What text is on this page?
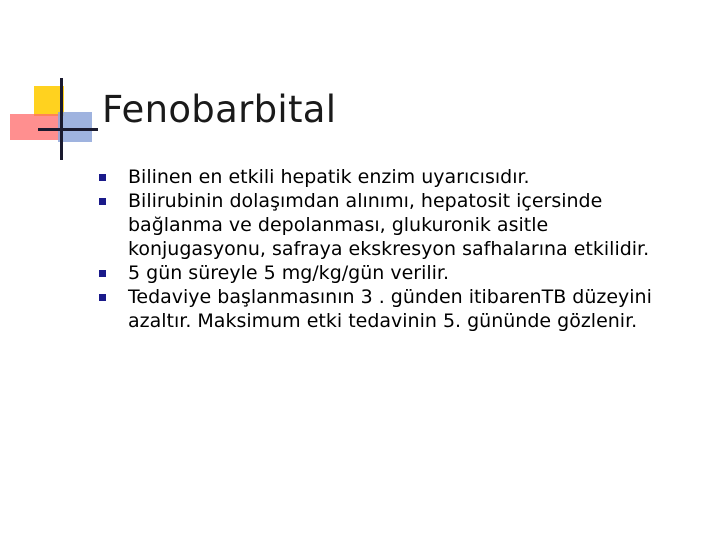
Fenobarbital
Bilinen en etkili hepatik enzim uyarıcısıdır.
Bilirubinin dolaşımdan alınımı, hepatosit içersinde bağlanma ve depolanması, glukuronik asitle konjugasyonu, safraya ekskresyon safhalarına etkilidir.
5 gün süreyle 5 mg/kg/gün verilir.
Tedaviye başlanmasının 3 . günden itibarenTB düzeyini azaltır. Maksimum etki tedavinin 5. gününde gözlenir.
